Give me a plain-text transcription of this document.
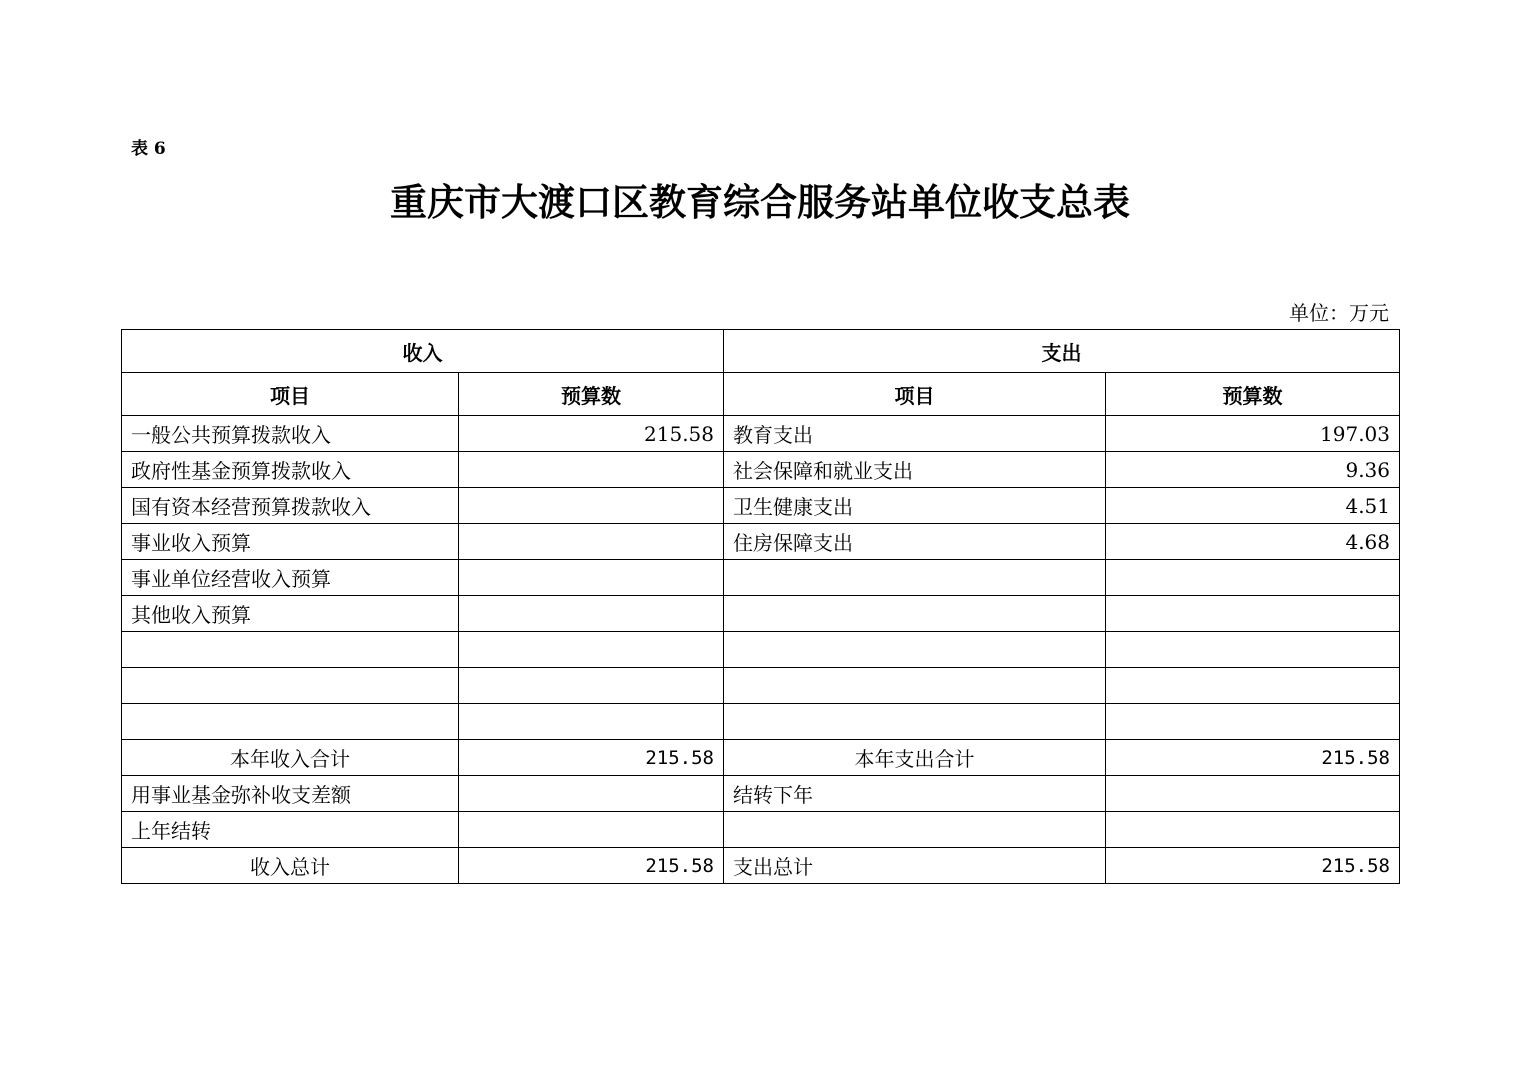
表 6
重庆市大渡口区教育综合服务站单位收支总表
单位：万元
收入		支出	
项目	预算数	项目	预算数
一般公共预算拨款收入	215.58	教育支出	197.03
政府性基金预算拨款收入		社会保障和就业支出	9.36
国有资本经营预算拨款收入		卫生健康支出	4.51
事业收入预算		住房保障支出	4.68
事业单位经营收入预算			
其他收入预算			

本年收入合计	215.58	本年支出合计	215.58
用事业基金弥补收支差额		结转下年	
上年结转			
收入总计	215.58	支出总计	215.58
